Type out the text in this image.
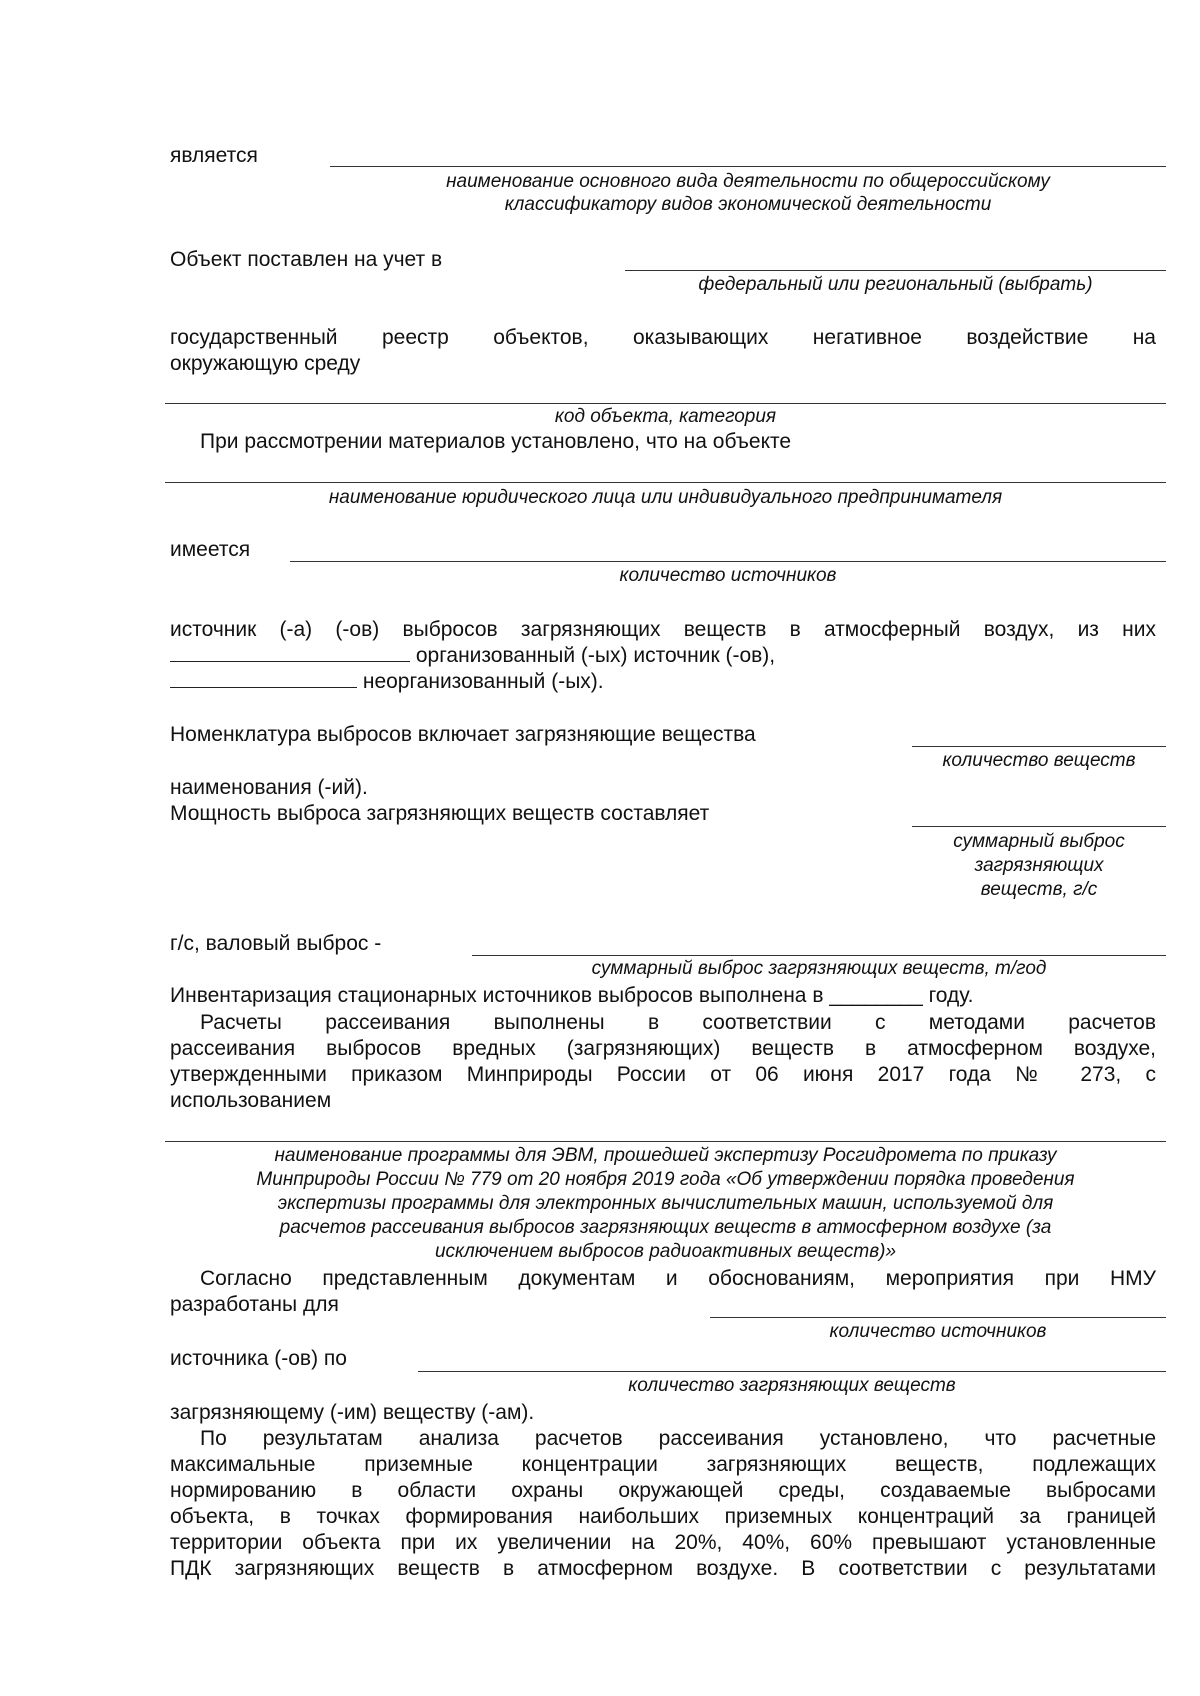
является
наименование основного вида деятельности по общероссийскому
классификатору видов экономической деятельности
Объект поставлен на учет в
федеральный или региональный (выбрать)
государственный реестр объектов, оказывающих негативное воздействие на
окружающую среду
код объекта, категория
При рассмотрении материалов установлено, что на объекте
наименование юридического лица или индивидуального предпринимателя
имеется
количество источников
источник (-а) (-ов) выбросов загрязняющих веществ в атмосферный воздух, из них
организованный (-ых) источник (-ов),
неорганизованный (-ых).
Номенклатура выбросов включает загрязняющие вещества
количество веществ
наименования (-ий).
Мощность выброса загрязняющих веществ составляет
суммарный выброс
загрязняющих
веществ, г/с
г/с, валовый выброс -
суммарный выброс загрязняющих веществ, т/год
Инвентаризация стационарных источников выбросов выполнена в ________ году.
Расчеты рассеивания выполнены в соответствии с методами расчетов
рассеивания выбросов вредных (загрязняющих) веществ в атмосферном воздухе,
утвержденными приказом Минприроды России от 06 июня 2017 года № 273, с
использованием
наименование программы для ЭВМ, прошедшей экспертизу Росгидромета по приказу
Минприроды России № 779 от 20 ноября 2019 года «Об утверждении порядка проведения
экспертизы программы для электронных вычислительных машин, используемой для
расчетов рассеивания выбросов загрязняющих веществ в атмосферном воздухе (за
исключением выбросов радиоактивных веществ)»
Согласно представленным документам и обоснованиям, мероприятия при НМУ
разработаны для
количество источников
источника (-ов) по
количество загрязняющих веществ
загрязняющему (-им) веществу (-ам).
По результатам анализа расчетов рассеивания установлено, что расчетные
максимальные приземные концентрации загрязняющих веществ, подлежащих
нормированию в области охраны окружающей среды, создаваемые выбросами
объекта, в точках формирования наибольших приземных концентраций за границей
территории объекта при их увеличении на 20%, 40%, 60% превышают установленные
ПДК загрязняющих веществ в атмосферном воздухе. В соответствии с результатами
